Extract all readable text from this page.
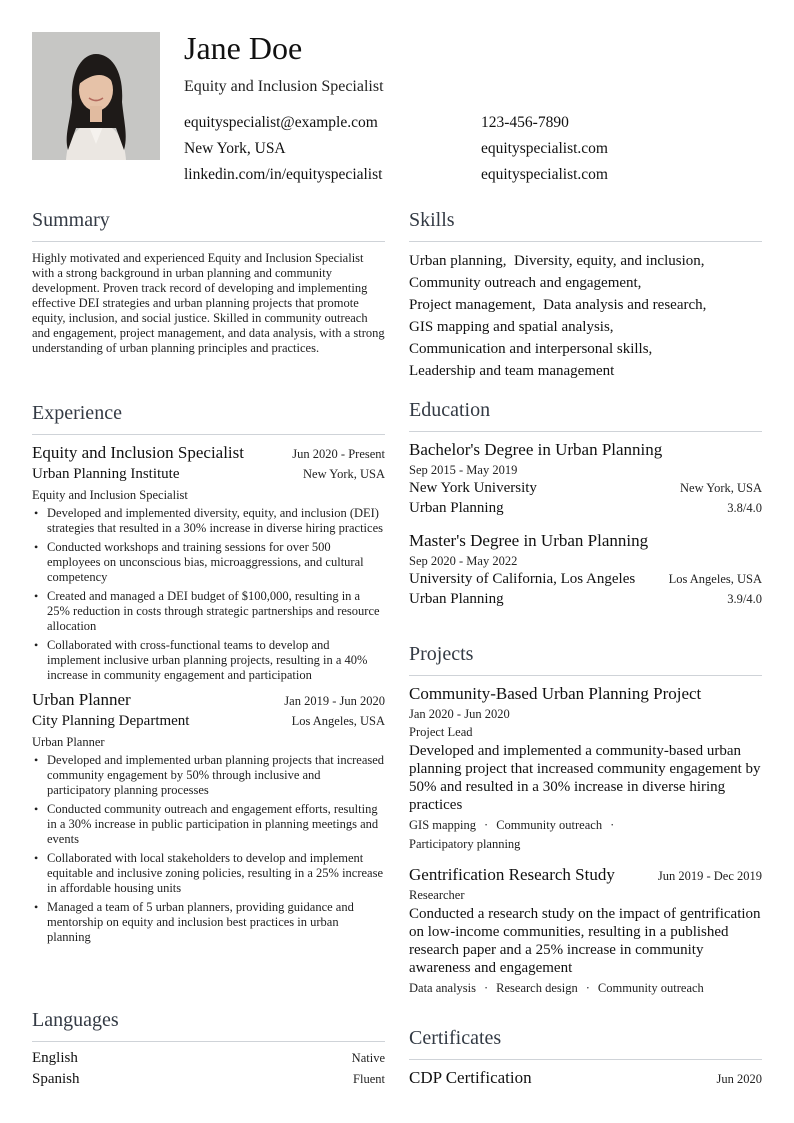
Jane Doe
Equity and Inclusion Specialist
equityspecialist@example.com	123-456-7890
New York, USA	equityspecialist.com
linkedin.com/in/equityspecialist	equityspecialist.com
Summary
Highly motivated and experienced Equity and Inclusion Specialist with a strong background in urban planning and community development. Proven track record of developing and implementing effective DEI strategies and urban planning projects that promote equity, inclusion, and social justice. Skilled in community outreach and engagement, project management, and data analysis, with a strong understanding of urban planning principles and practices.
Experience
Equity and Inclusion Specialist	Jun 2020 - Present
Urban Planning Institute	New York, USA
Equity and Inclusion Specialist
• Developed and implemented diversity, equity, and inclusion (DEI) strategies that resulted in a 30% increase in diverse hiring practices
• Conducted workshops and training sessions for over 500 employees on unconscious bias, microaggressions, and cultural competency
• Created and managed a DEI budget of $100,000, resulting in a 25% reduction in costs through strategic partnerships and resource allocation
• Collaborated with cross-functional teams to develop and implement inclusive urban planning projects, resulting in a 40% increase in community engagement and participation
Urban Planner	Jan 2019 - Jun 2020
City Planning Department	Los Angeles, USA
Urban Planner
• Developed and implemented urban planning projects that increased community engagement by 50% through inclusive and participatory planning processes
• Conducted community outreach and engagement efforts, resulting in a 30% increase in public participation in planning meetings and events
• Collaborated with local stakeholders to develop and implement equitable and inclusive zoning policies, resulting in a 25% increase in affordable housing units
• Managed a team of 5 urban planners, providing guidance and mentorship on equity and inclusion best practices in urban planning
Languages
English	Native
Spanish	Fluent
Skills
Urban planning, Diversity, equity, and inclusion,
Community outreach and engagement,
Project management, Data analysis and research,
GIS mapping and spatial analysis,
Communication and interpersonal skills,
Leadership and team management
Education
Bachelor's Degree in Urban Planning
Sep 2015 - May 2019
New York University	New York, USA
Urban Planning	3.8/4.0
Master's Degree in Urban Planning
Sep 2020 - May 2022
University of California, Los Angeles	Los Angeles, USA
Urban Planning	3.9/4.0
Projects
Community-Based Urban Planning Project
Jan 2020 - Jun 2020
Project Lead
Developed and implemented a community-based urban planning project that increased community engagement by 50% and resulted in a 30% increase in diverse hiring practices
GIS mapping · Community outreach ·
Participatory planning
Gentrification Research Study	Jun 2019 - Dec 2019
Researcher
Conducted a research study on the impact of gentrification on low-income communities, resulting in a published research paper and a 25% increase in community awareness and engagement
Data analysis · Research design · Community outreach
Certificates
CDP Certification	Jun 2020
